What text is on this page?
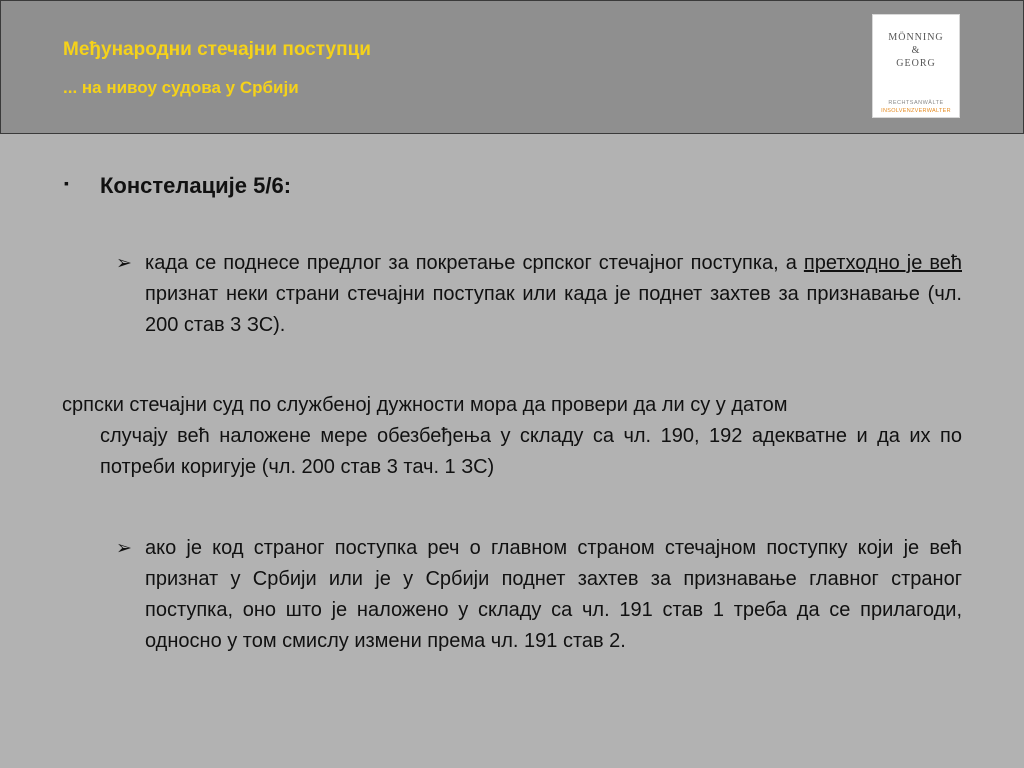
Међународни стечајни поступци
... на нивоу судова у Србији
MÖNNING
&
GEORG
RECHTSANWÄLTE
INSOLVENZVERWALTER
▪ Констелације 5/6:
➢ када се поднесе предлог за покретање српског стечајног поступка, а претходно је већ признат неки страни стечајни поступак или када је поднет захтев за признавање (чл. 200 став 3 ЗС).
српски стечајни суд по службеној дужности мора да провери да ли су у датом
случају већ наложене мере обезбеђења у складу са чл. 190, 192 адекватне и да их по потреби коригује (чл. 200 став 3 тач. 1 ЗС)
➢ ако је код страног поступка реч о главном страном стечајном поступку који је већ признат у Србији или је у Србији поднет захтев за признавање главног страног поступка, оно што је наложено у складу са чл. 191 став 1 треба да се прилагоди, односно у том смислу измени према чл. 191 став 2.
